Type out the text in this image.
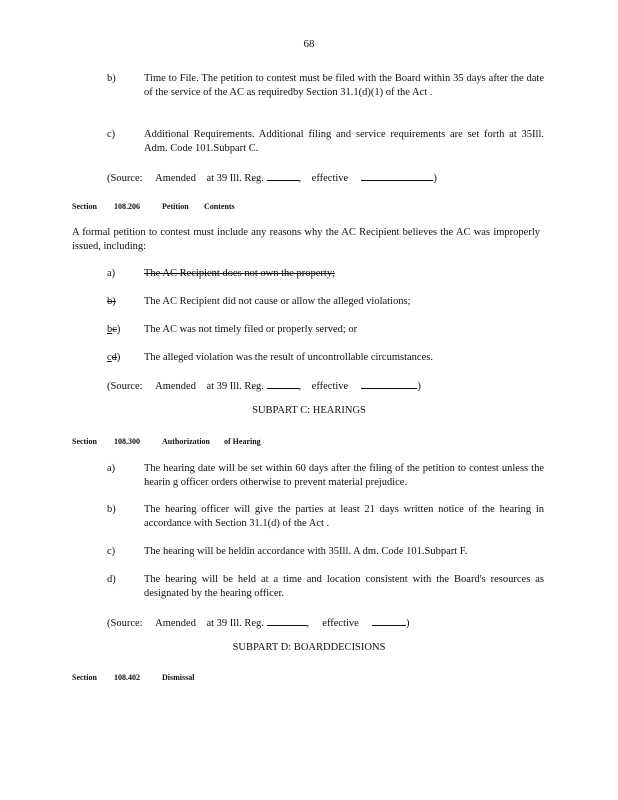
68
b)	Time to File. The petition to contest must be filed with the Board within 35 days after the date of the service of the AC as requiredby Section 31.1(d)(1) of the Act .
c)	Additional Requirements. Additional filing and service requirements are set forth at 35Ill. Adm. Code 101.Subpart C.
(Source: Amended at 39 Ill. Reg.	, effective	)
Section 108.206	Petition Contents
A formal petition to contest must include any reasons why the AC Recipient believes the AC was improperly issued, including:
a)	The AC Recipient does not own the property;
b)	The AC Recipient did not cause or allow the alleged violations;
bc)	The AC was not timely filed or properly served; or
cd)	The alleged violation was the result of uncontrollable circumstances.
(Source: Amended at 39 Ill. Reg.	, effective	)
SUBPART C: HEARINGS
Section 108.300	Authorization of Hearing
a)	The hearing date will be set within 60 days after the filing of the petition to contest unless the hearin g officer orders otherwise to prevent material prejudice.
b)	The hearing officer will give the parties at least 21 days written notice of the hearing in accordance with Section 31.1(d) of the Act .
c)	The hearing will be heldin accordance with 35Ill. A dm. Code 101.Subpart F.
d)	The hearing will be held at a time and location consistent with the Board's resources as designated by the hearing officer.
(Source: Amended at 39 Ill. Reg.	, effective	)
SUBPART D: BOARDDECISIONS
Section 108.402	Dismissal
